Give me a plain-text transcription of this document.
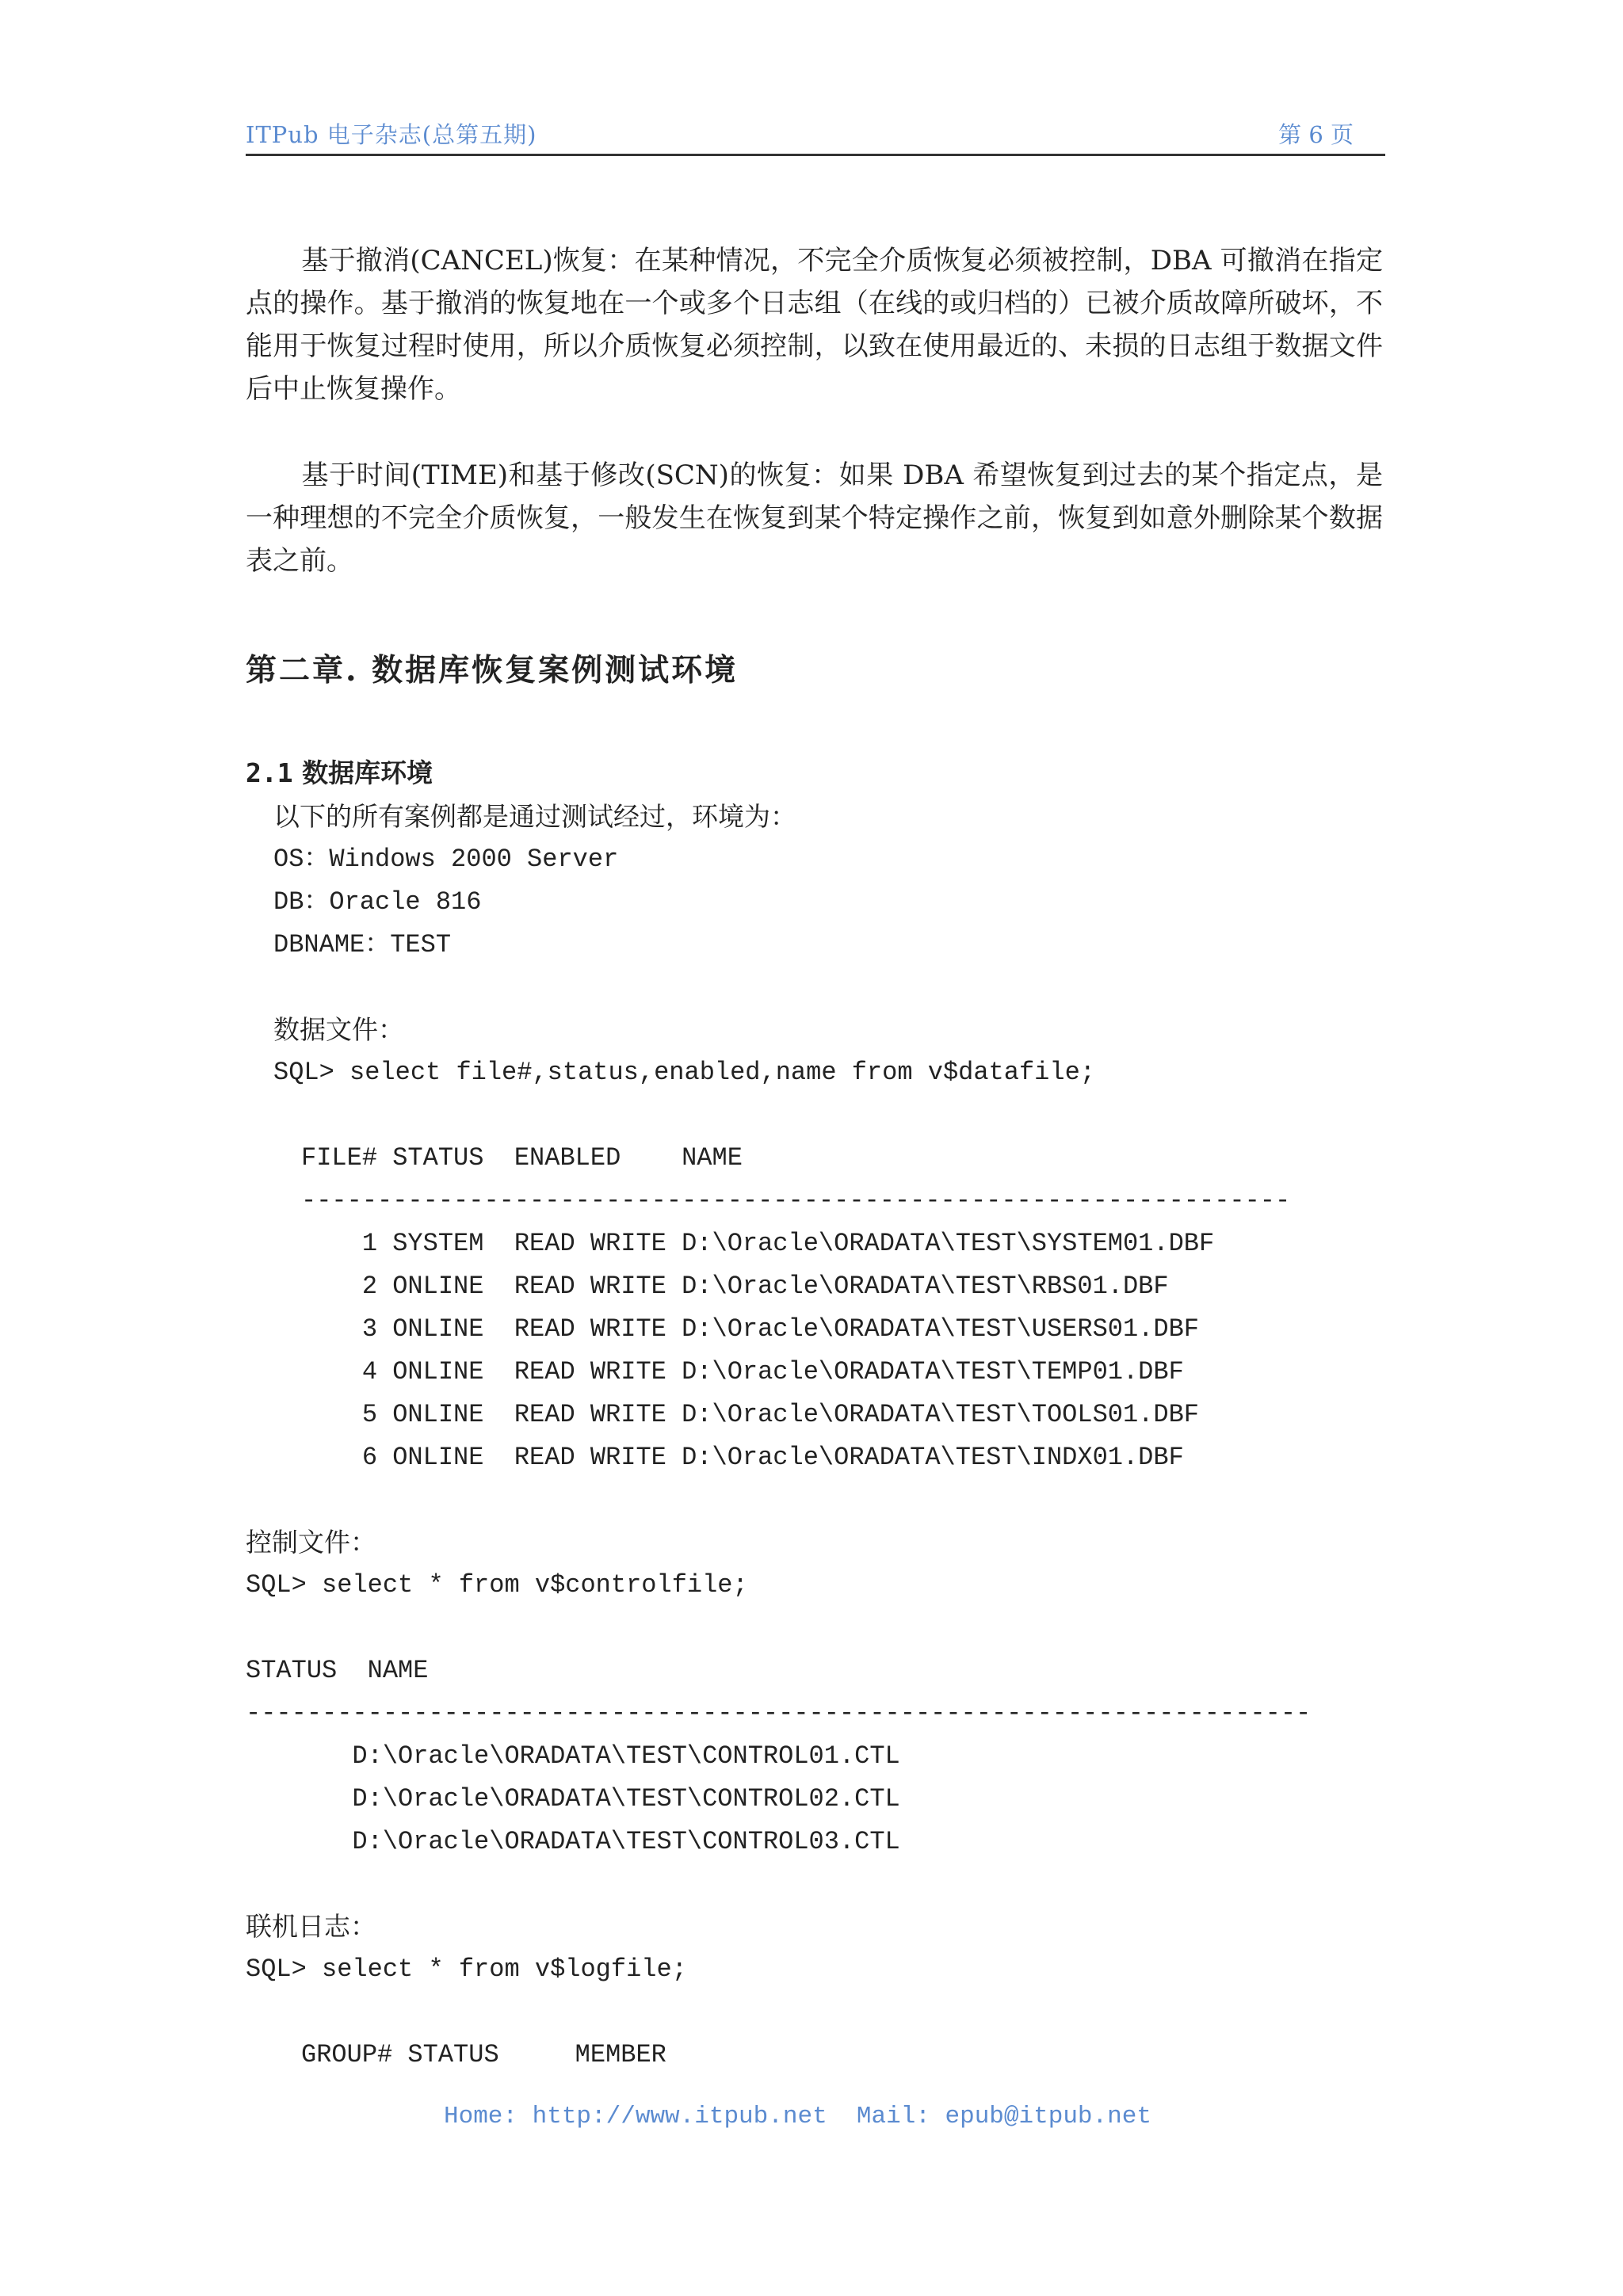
ITPub 电子杂志(总第五期)	第 6 页

基于撤消(CANCEL)恢复：在某种情况，不完全介质恢复必须被控制，DBA 可撤消在指定点的操作。基于撤消的恢复地在一个或多个日志组（在线的或归档的）已被介质故障所破坏，不能用于恢复过程时使用，所以介质恢复必须控制，以致在使用最近的、未损的日志组于数据文件后中止恢复操作。

基于时间(TIME)和基于修改(SCN)的恢复：如果 DBA 希望恢复到过去的某个指定点，是一种理想的不完全介质恢复，一般发生在恢复到某个特定操作之前，恢复到如意外删除某个数据表之前。

第二章. 数据库恢复案例测试环境
2.1 数据库环境

以下的所有案例都是通过测试经过，环境为：

OS：Windows 2000 Server

DB：Oracle 816

DBNAME：TEST

数据文件：

SQL> select file#,status,enabled,name from v$datafile;

FILE# STATUS  ENABLED    NAME

-----------------------------------------------------------------

1 SYSTEM  READ WRITE D:\Oracle\ORADATA\TEST\SYSTEM01.DBF

2 ONLINE  READ WRITE D:\Oracle\ORADATA\TEST\RBS01.DBF

3 ONLINE  READ WRITE D:\Oracle\ORADATA\TEST\USERS01.DBF

4 ONLINE  READ WRITE D:\Oracle\ORADATA\TEST\TEMP01.DBF

5 ONLINE  READ WRITE D:\Oracle\ORADATA\TEST\TOOLS01.DBF

6 ONLINE  READ WRITE D:\Oracle\ORADATA\TEST\INDX01.DBF

控制文件：

SQL> select * from v$controlfile;

STATUS  NAME

----------------------------------------------------------------------

D:\Oracle\ORADATA\TEST\CONTROL01.CTL

D:\Oracle\ORADATA\TEST\CONTROL02.CTL

D:\Oracle\ORADATA\TEST\CONTROL03.CTL

联机日志：

SQL> select * from v$logfile;

GROUP# STATUS     MEMBER

Home: http://www.itpub.net  Mail: epub@itpub.net
